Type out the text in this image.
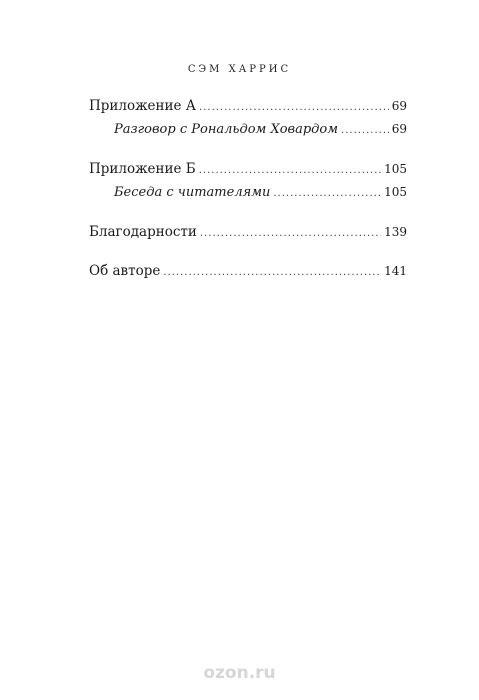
СЭМ ХАРРИС
Приложение А .....	69
Разговор с Рональдом Ховардом .....	69
Приложение Б .....	105
Беседа с читателями .....	105
Благодарности .....	139
Об авторе .....	141
ozon.ru
